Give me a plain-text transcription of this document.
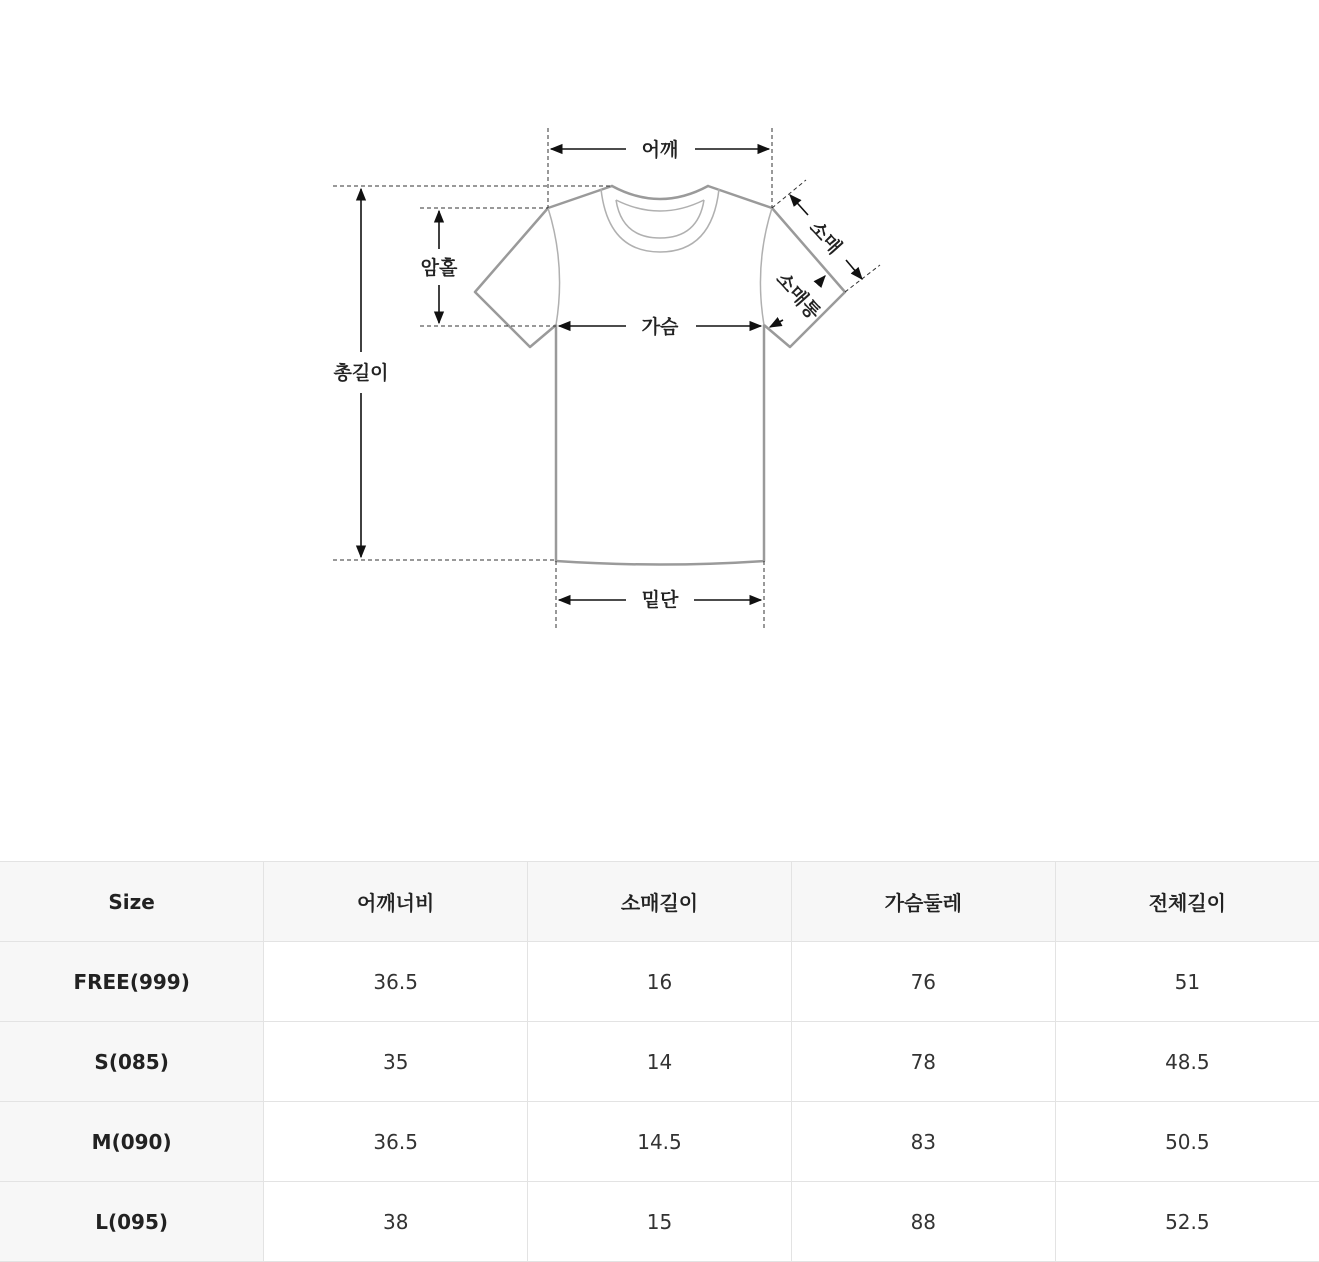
어깨
총길이
암홀
가슴
밑단
소매
소매통
Size	어깨너비	소매길이	가슴둘레	전체길이
FREE(999)	36.5	16	76	51
S(085)	35	14	78	48.5
M(090)	36.5	14.5	83	50.5
L(095)	38	15	88	52.5
